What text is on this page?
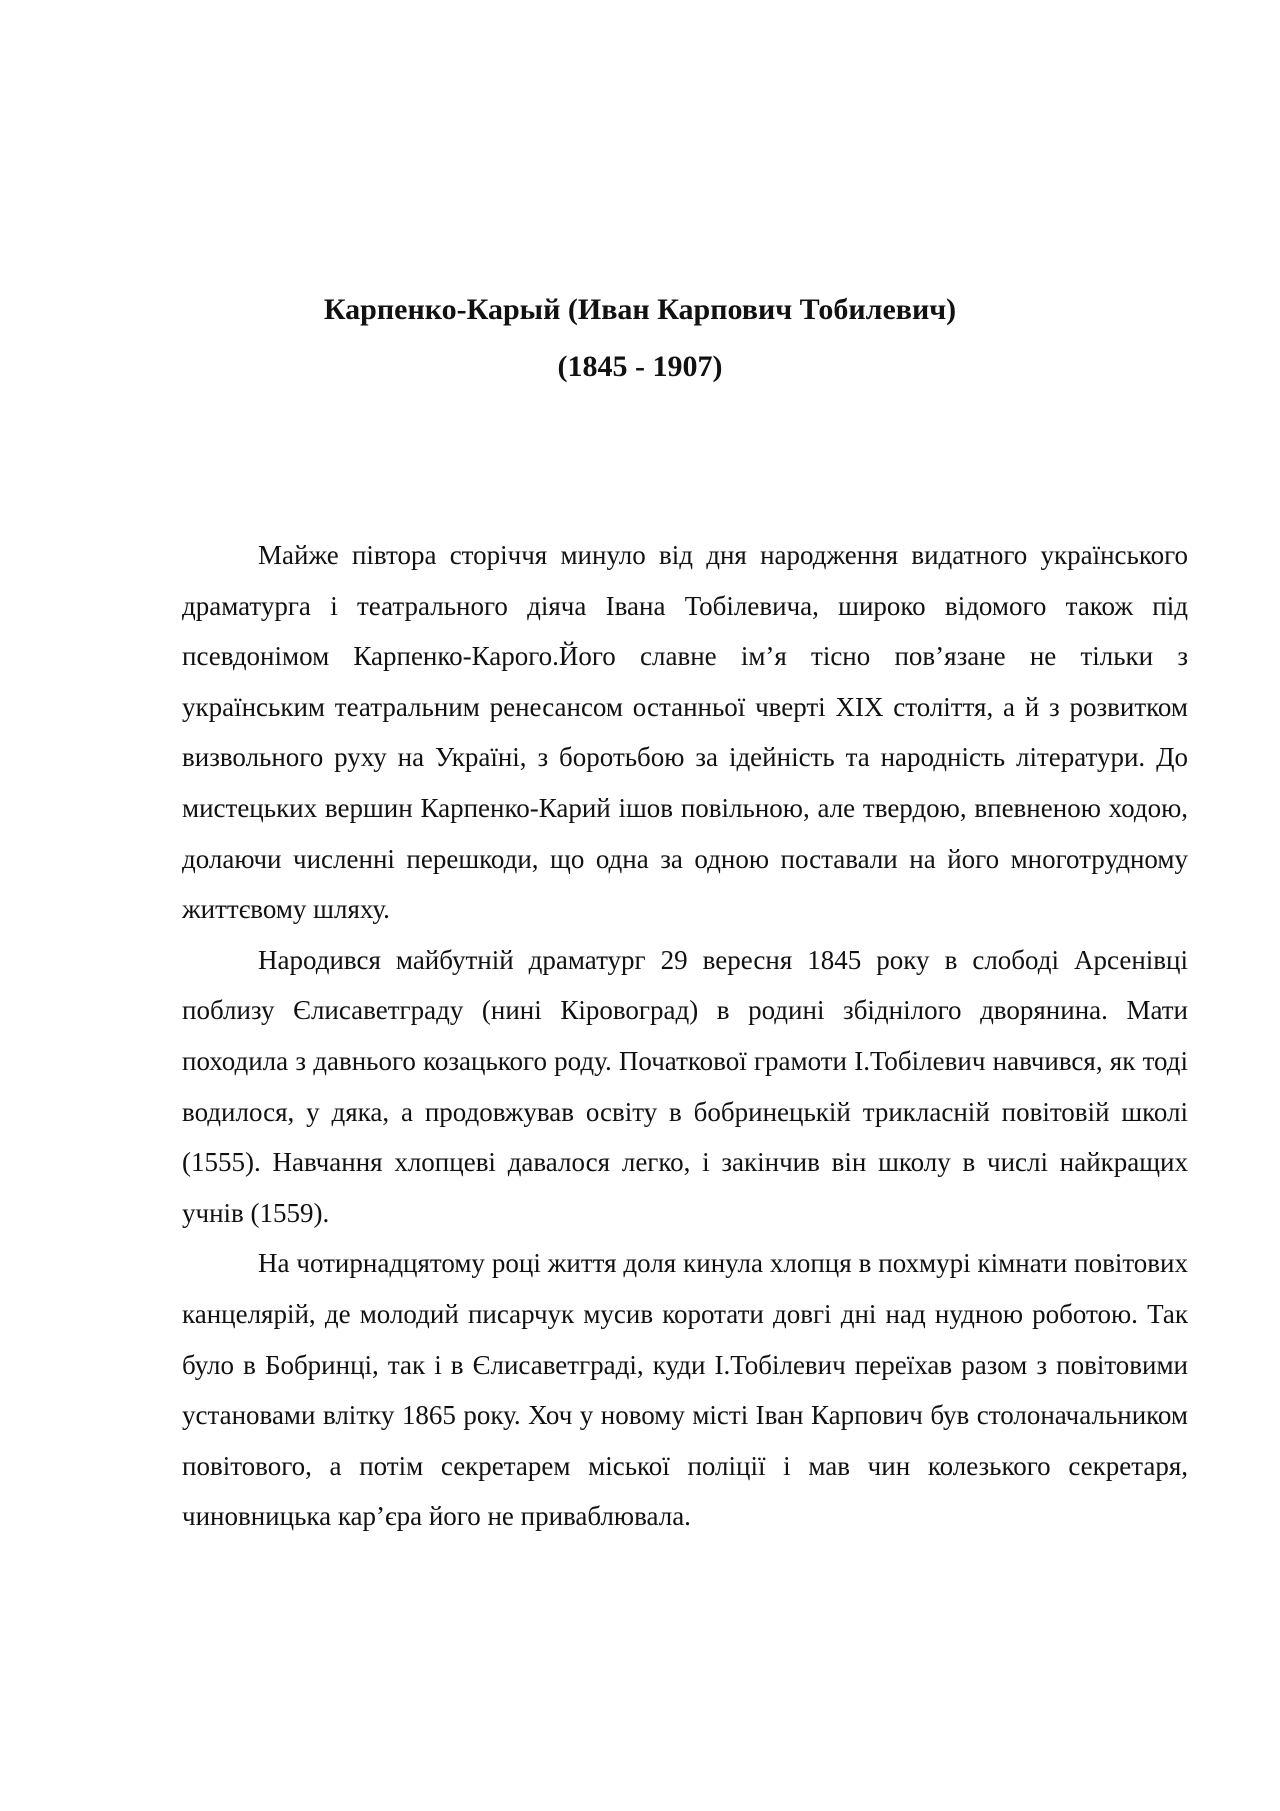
Карпенко-Карый (Иван Карпович Тобилевич)

(1845 - 1907)

Майже півтора сторіччя минуло від дня народження видатного українського драматурга і театрального діяча Івана Тобілевича, широко відомого також під псевдонімом Карпенко-Карого.Його славне ім’я тісно пов’язане не тільки з українським театральним ренесансом останньої чверті XIX століття, а й з розвитком визвольного руху на Україні, з боротьбою за ідейність та народність літератури. До мистецьких вершин Карпенко-Карий ішов повільною, але твердою, впевненою ходою, долаючи численні перешкоди, що одна за одною поставали на його многотрудному життєвому шляху.

Народився майбутній драматург 29 вересня 1845 року в слободі Арсенівці поблизу Єлисаветграду (нині Кіровоград) в родині збіднілого дворянина. Мати походила з давнього козацького роду. Початкової грамоти І.Тобілевич навчився, як тоді водилося, у дяка, а продовжував освіту в бобринецькій трикласній повітовій школі (1555). Навчання хлопцеві давалося легко, і закінчив він школу в числі найкращих учнів (1559).

На чотирнадцятому році життя доля кинула хлопця в похмурі кімнати повітових канцелярій, де молодий писарчук мусив коротати довгі дні над нудною роботою. Так було в Бобринці, так і в Єлисаветграді, куди І.Тобілевич переїхав разом з повітовими установами влітку 1865 року. Хоч у новому місті Іван Карпович був столоначальником повітового, а потім секретарем міської поліції і мав чин колезького секретаря, чиновницька кар’єра його не приваблювала.
